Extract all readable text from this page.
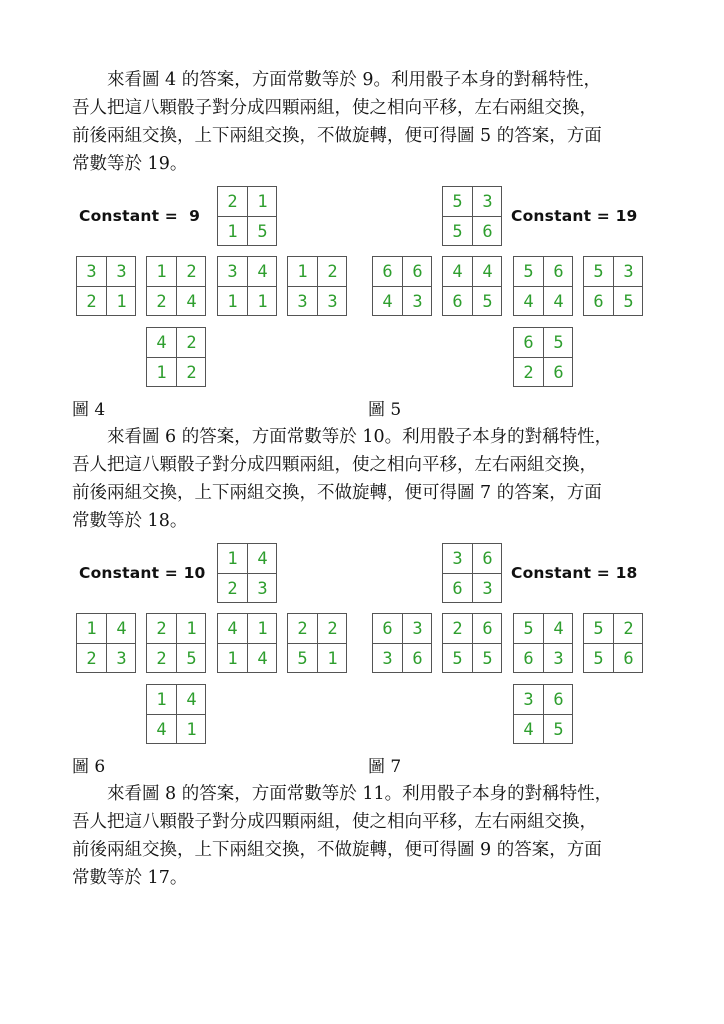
　　來看圖 4 的答案，方面常數等於 9。利用骰子本身的對稱特性，
吾人把這八顆骰子對分成四顆兩組，使之相向平移，左右兩組交換，
前後兩組交換，上下兩組交換，不做旋轉，便可得圖 5 的答案，方面
常數等於 19。

Constant =  9
2	1
1	5
3	3
2	1
1	2
2	4
3	4
1	1
1	2
3	3
4	2
1	2
圖 4
Constant = 19
5	3
5	6
6	6
4	3
4	4
6	5
5	6
4	4
5	3
6	5
6	5
2	6
圖 5

　　來看圖 6 的答案，方面常數等於 10。利用骰子本身的對稱特性，
吾人把這八顆骰子對分成四顆兩組，使之相向平移，左右兩組交換，
前後兩組交換，上下兩組交換，不做旋轉，便可得圖 7 的答案，方面
常數等於 18。

Constant = 10
1	4
2	3
1	4
2	3
2	1
2	5
4	1
1	4
2	2
5	1
1	4
4	1
圖 6
Constant = 18
3	6
6	3
6	3
3	6
2	6
5	5
5	4
6	3
5	2
5	6
3	6
4	5
圖 7

　　來看圖 8 的答案，方面常數等於 11。利用骰子本身的對稱特性，
吾人把這八顆骰子對分成四顆兩組，使之相向平移，左右兩組交換，
前後兩組交換，上下兩組交換，不做旋轉，便可得圖 9 的答案，方面
常數等於 17。
